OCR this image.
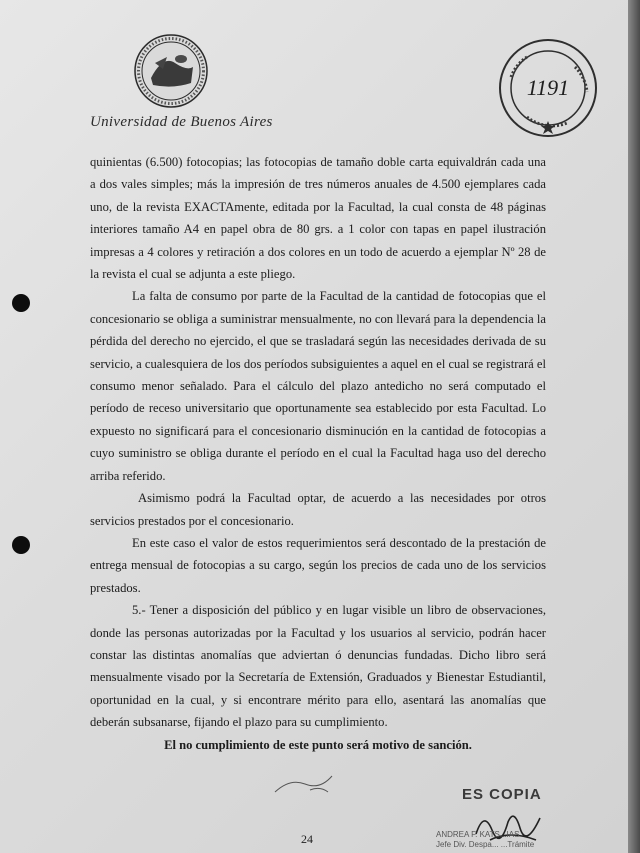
Universidad de Buenos Aires
1191

quinientas (6.500) fotocopias; las fotocopias de tamaño doble carta equivaldrán cada una a dos vales simples; más la impresión de tres números anuales de 4.500 ejemplares cada uno, de la revista EXACTAmente, editada por la Facultad, la cual consta de 48 páginas interiores tamaño A4 en papel obra de 80 grs. a 1 color con tapas en papel ilustración impresas a 4 colores y retiración a dos colores en un todo de acuerdo a ejemplar Nº 28 de la revista el cual se adjunta a este pliego.

La falta de consumo por parte de la Facultad de la cantidad de fotocopias que el concesionario se obliga a suministrar mensualmente, no con llevará para la dependencia la pérdida del derecho no ejercido, el que se trasladará según las necesidades derivada de su servicio, a cualesquiera de los dos períodos subsiguientes a aquel en el cual se registrará el consumo menor señalado. Para el cálculo del plazo antedicho no será computado el período de receso universitario que oportunamente sea establecido por esta Facultad. Lo expuesto no significará para el concesionario disminución en la cantidad de fotocopias a cuyo suministro se obliga durante el período en el cual la Facultad haga uso del derecho arriba referido.

Asimismo podrá la Facultad optar, de acuerdo a las necesidades por otros servicios prestados por el concesionario.

En este caso el valor de estos requerimientos será descontado de la prestación de entrega mensual de fotocopias a su cargo, según los precios de cada uno de los servicios prestados.

5.- Tener a disposición del público y en lugar visible un libro de observaciones, donde las personas autorizadas por la Facultad y los usuarios al servicio, podrán hacer constar las distintas anomalías que adviertan ó denuncias fundadas. Dicho libro será mensualmente visado por la Secretaría de Extensión, Graduados y Bienestar Estudiantil, oportunidad en la cual, y si encontrare mérito para ello, asentará las anomalías que deberán subsanarse, fijando el plazo para su cumplimiento.

El no cumplimiento de este punto será motivo de sanción.

ES COPIA
ANDREA F. KATS...IAS
Jefe Div. Despa... ...Trámite
24
